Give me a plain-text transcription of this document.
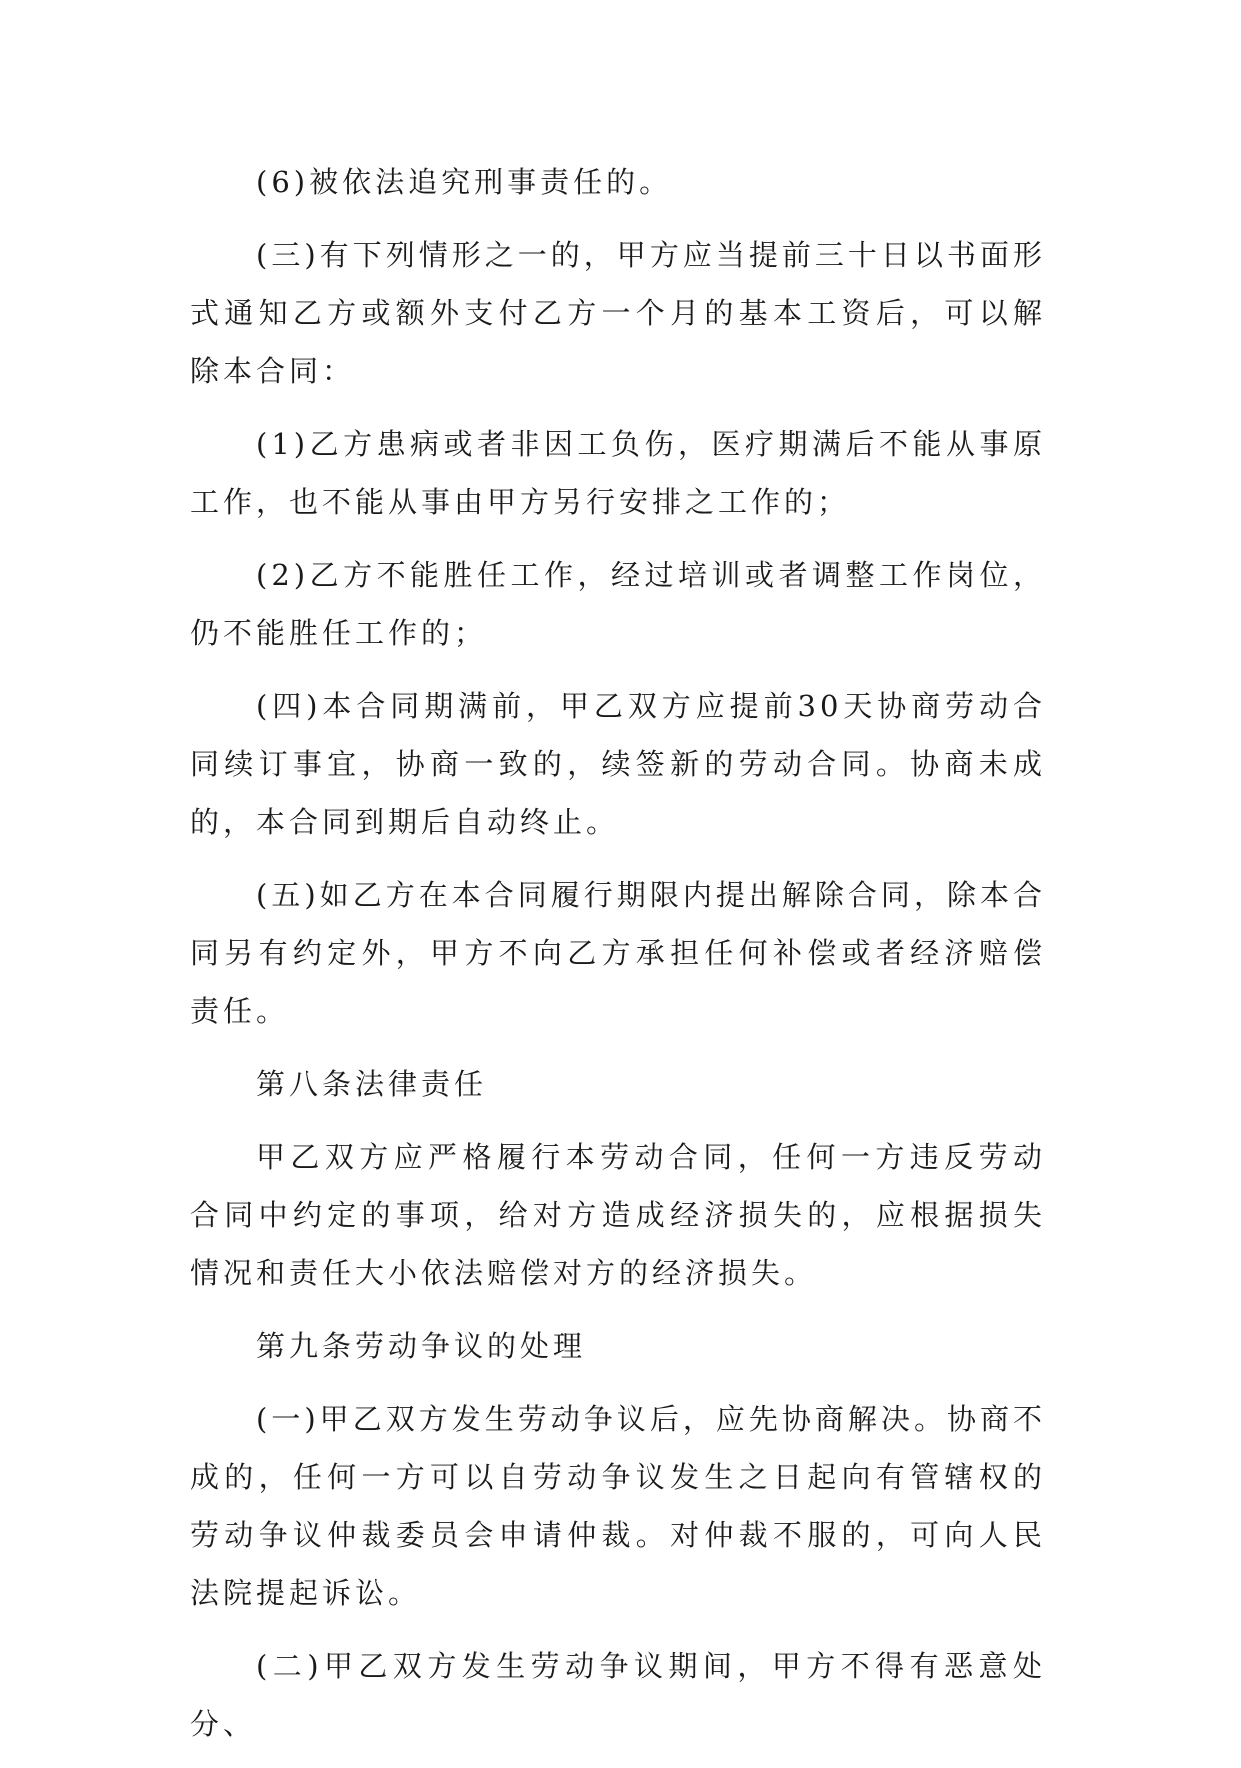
(6)被依法追究刑事责任的。

(三)有下列情形之一的，甲方应当提前三十日以书面形式通知乙方或额外支付乙方一个月的基本工资后，可以解除本合同：

(1)乙方患病或者非因工负伤，医疗期满后不能从事原工作，也不能从事由甲方另行安排之工作的；

(2)乙方不能胜任工作，经过培训或者调整工作岗位，仍不能胜任工作的；

(四)本合同期满前，甲乙双方应提前30天协商劳动合同续订事宜，协商一致的，续签新的劳动合同。协商未成的，本合同到期后自动终止。

(五)如乙方在本合同履行期限内提出解除合同，除本合同另有约定外，甲方不向乙方承担任何补偿或者经济赔偿责任。

第八条法律责任

甲乙双方应严格履行本劳动合同，任何一方违反劳动合同中约定的事项，给对方造成经济损失的，应根据损失情况和责任大小依法赔偿对方的经济损失。

第九条劳动争议的处理

(一)甲乙双方发生劳动争议后，应先协商解决。协商不成的，任何一方可以自劳动争议发生之日起向有管辖权的劳动争议仲裁委员会申请仲裁。对仲裁不服的，可向人民法院提起诉讼。

(二)甲乙双方发生劳动争议期间，甲方不得有恶意处分、
